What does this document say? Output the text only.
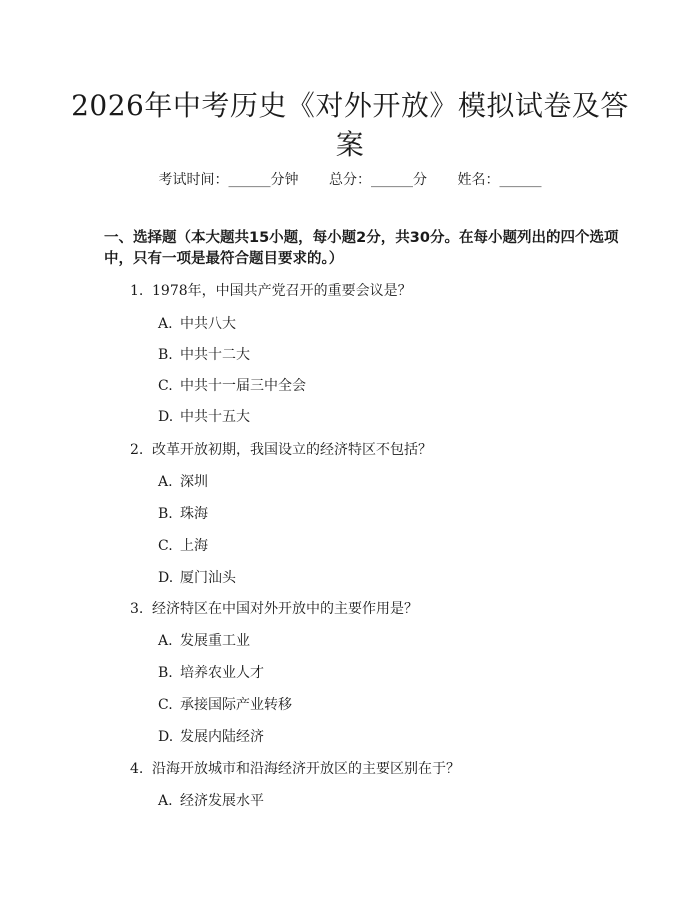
2026年中考历史《对外开放》模拟试卷及答案
考试时间：______分钟 总分：______分 姓名：______
一、选择题（本大题共15小题，每小题2分，共30分。在每小题列出的四个选项中，只有一项是最符合题目要求的。）
1. 1978年，中国共产党召开的重要会议是？
A. 中共八大
B. 中共十二大
C. 中共十一届三中全会
D. 中共十五大
2. 改革开放初期，我国设立的经济特区不包括？
A. 深圳
B. 珠海
C. 上海
D. 厦门汕头
3. 经济特区在中国对外开放中的主要作用是？
A. 发展重工业
B. 培养农业人才
C. 承接国际产业转移
D. 发展内陆经济
4. 沿海开放城市和沿海经济开放区的主要区别在于？
A. 经济发展水平
